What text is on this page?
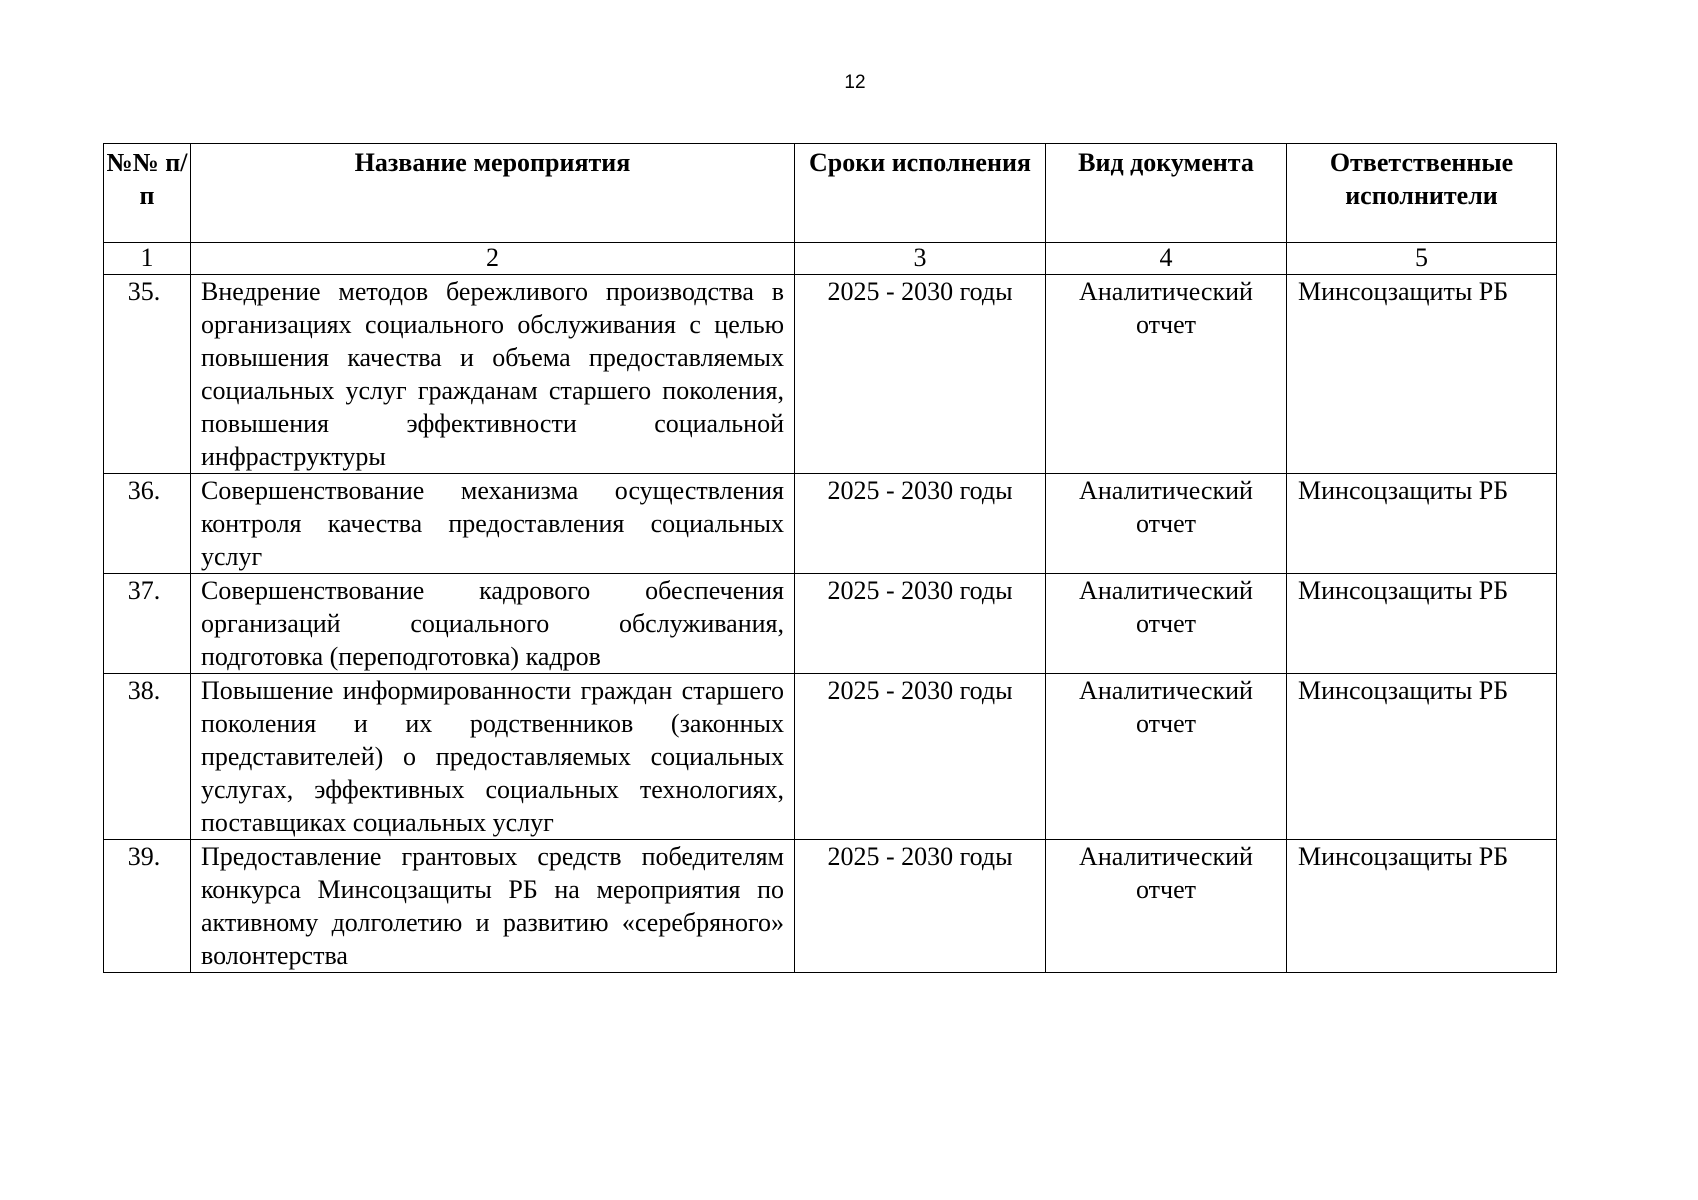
12
№№ п/п	Название мероприятия	Сроки исполнения	Вид документа	Ответственные исполнители
1	2	3	4	5
35.	Внедрение методов бережливого производства в организациях социального обслуживания с целью повышения качества и объема предоставляемых социальных услуг гражданам старшего поколения, повышения эффективности социальной инфраструктуры	2025 - 2030 годы	Аналитический отчет	Минсоцзащиты РБ
36.	Совершенствование механизма осуществления контроля качества предоставления социальных услуг	2025 - 2030 годы	Аналитический отчет	Минсоцзащиты РБ
37.	Совершенствование кадрового обеспечения организаций социального обслуживания, подготовка (переподготовка) кадров	2025 - 2030 годы	Аналитический отчет	Минсоцзащиты РБ
38.	Повышение информированности граждан старшего поколения и их родственников (законных представителей) о предоставляемых социальных услугах, эффективных социальных технологиях, поставщиках социальных услуг	2025 - 2030 годы	Аналитический отчет	Минсоцзащиты РБ
39.	Предоставление грантовых средств победителям конкурса Минсоцзащиты РБ на мероприятия по активному долголетию и развитию «серебряного» волонтерства	2025 - 2030 годы	Аналитический отчет	Минсоцзащиты РБ
